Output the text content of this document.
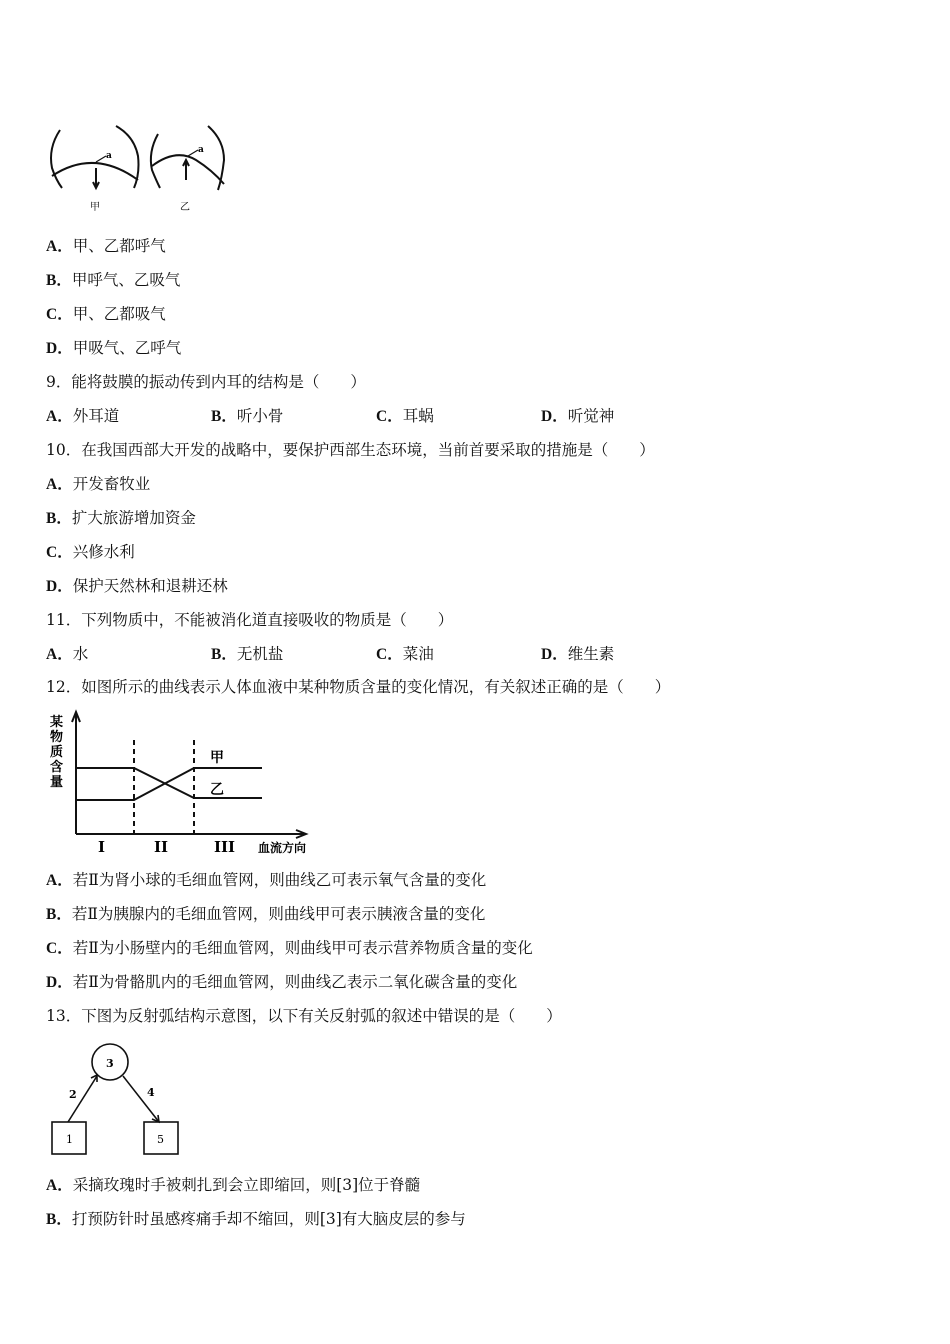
a
a
甲	乙
A．甲、乙都呼气
B．甲呼气、乙吸气
C．甲、乙都吸气
D．甲吸气、乙呼气
9．能将鼓膜的振动传到内耳的结构是（　　）
A．外耳道	B．听小骨	C．耳蜗	D．听觉神
10．在我国西部大开发的战略中，要保护西部生态环境，当前首要采取的措施是（　　）
A．开发畜牧业
B．扩大旅游增加资金
C．兴修水利
D．保护天然林和退耕还林
11．下列物质中，不能被消化道直接吸收的物质是（　　）
A．水	B．无机盐	C．菜油	D．维生素
12．如图所示的曲线表示人体血液中某种物质含量的变化情况，有关叙述正确的是（　　）
某
物
质
含
量
甲
乙
I	II	III 血流方向
A．若Ⅱ为肾小球的毛细血管网，则曲线乙可表示氧气含量的变化
B．若Ⅱ为胰腺内的毛细血管网，则曲线甲可表示胰液含量的变化
C．若Ⅱ为小肠壁内的毛细血管网，则曲线甲可表示营养物质含量的变化
D．若Ⅱ为骨骼肌内的毛细血管网，则曲线乙表示二氧化碳含量的变化
13．下图为反射弧结构示意图，以下有关反射弧的叙述中错误的是（　　）
3
1	5
2	4
A．采摘玫瑰时手被刺扎到会立即缩回，则[3]位于脊髓
B．打预防针时虽感疼痛手却不缩回，则[3]有大脑皮层的参与
